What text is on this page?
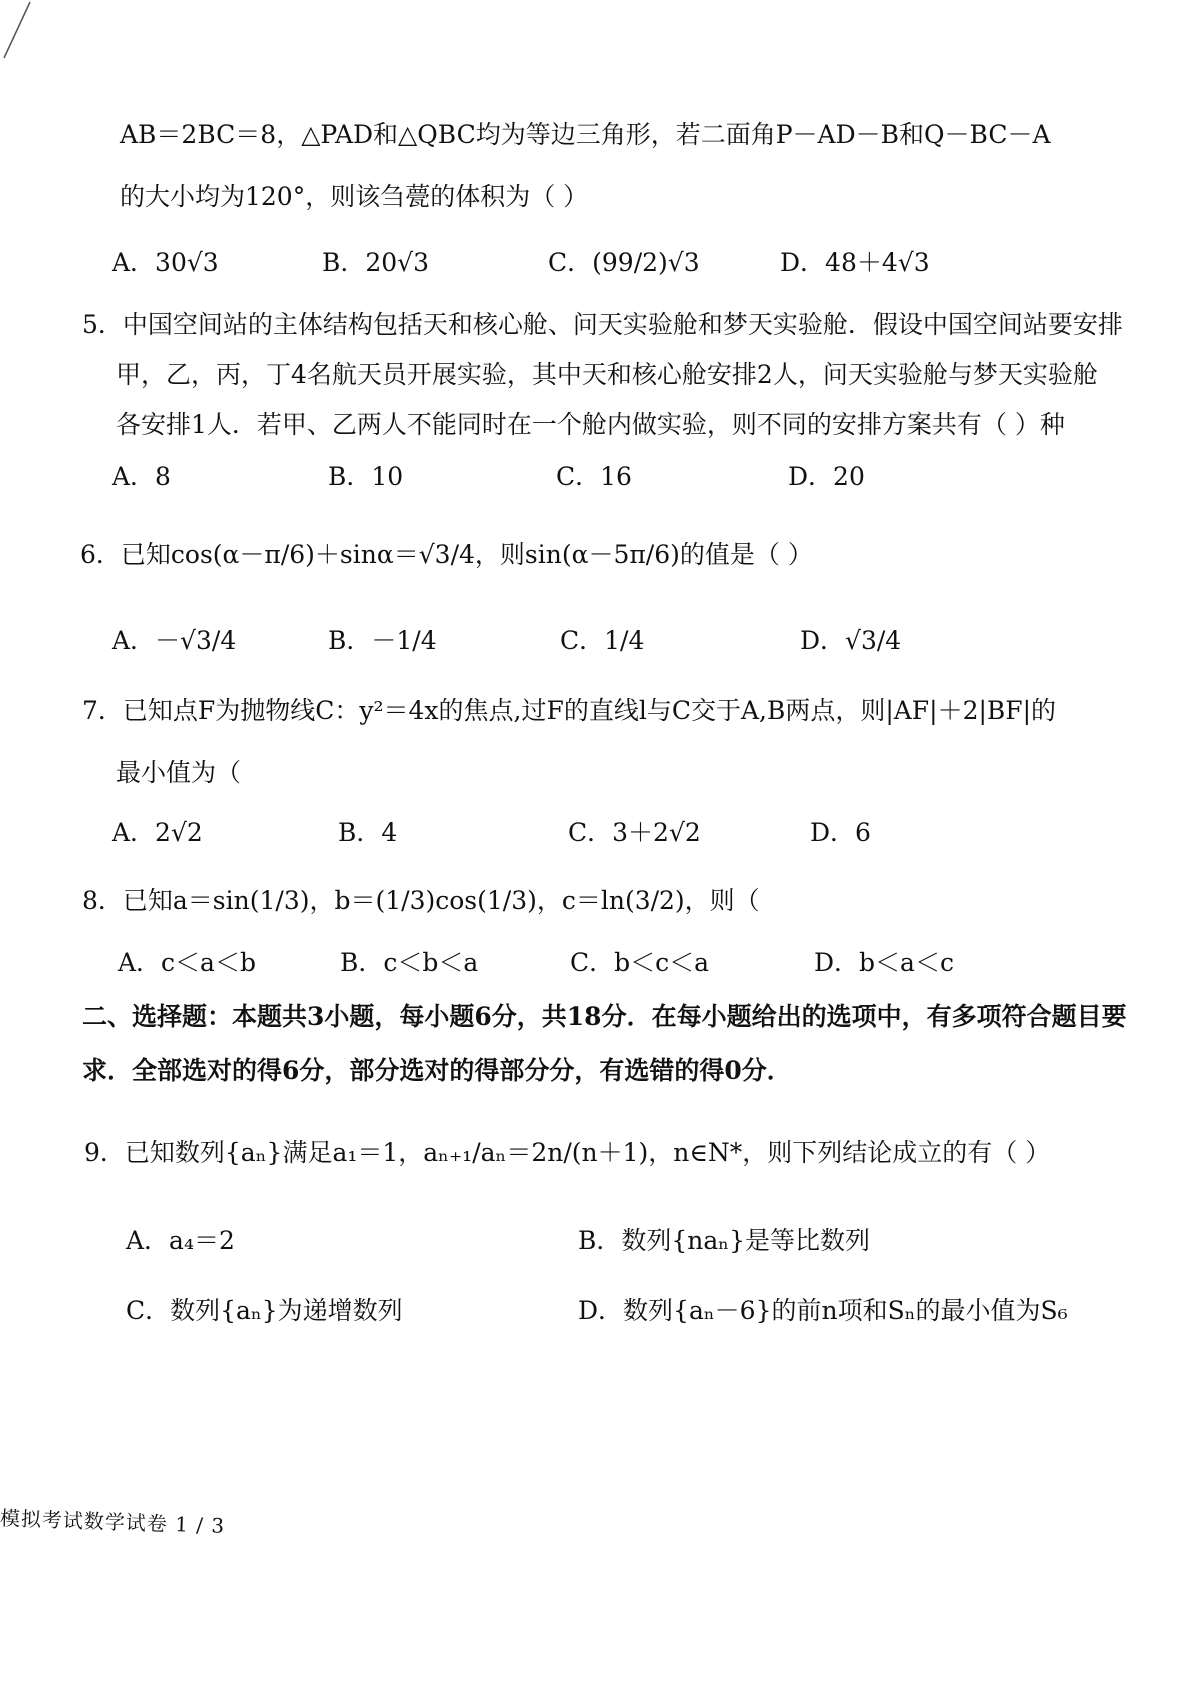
AB＝2BC＝8，△PAD和△QBC均为等边三角形，若二面角P－AD－B和Q－BC－A
的大小均为120°，则该刍甍的体积为（ ）
A．30√3	B．20√3	C．(99/2)√3	D．48＋4√3
5．中国空间站的主体结构包括天和核心舱、问天实验舱和梦天实验舱．假设中国空间站要安排
甲，乙，丙，丁4名航天员开展实验，其中天和核心舱安排2人，问天实验舱与梦天实验舱
各安排1人．若甲、乙两人不能同时在一个舱内做实验，则不同的安排方案共有（ ）种
A．8	B．10	C．16	D．20
6．已知cos(α－π/6)＋sinα＝√3/4，则sin(α－5π/6)的值是（ ）
A．－√3/4	B．－1/4	C．1/4	D．√3/4
7．已知点F为抛物线C：y²＝4x的焦点,过F的直线l与C交于A,B两点，则|AF|＋2|BF|的
最小值为（
A．2√2	B．4	C．3＋2√2	D．6
8．已知a＝sin(1/3)，b＝(1/3)cos(1/3)，c＝ln(3/2)，则（
A．c＜a＜b	B．c＜b＜a	C．b＜c＜a	D．b＜a＜c
二、选择题：本题共3小题，每小题6分，共18分．在每小题给出的选项中，有多项符合题目要
求．全部选对的得6分，部分选对的得部分分，有选错的得0分．
9．已知数列{aₙ}满足a₁＝1，aₙ₊₁/aₙ＝2n/(n＋1)，n∈N*，则下列结论成立的有（ ）
A．a₄＝2	B．数列{naₙ}是等比数列
C．数列{aₙ}为递增数列	D．数列{aₙ－6}的前n项和Sₙ的最小值为S₆
模拟考试数学试卷 1 / 3
